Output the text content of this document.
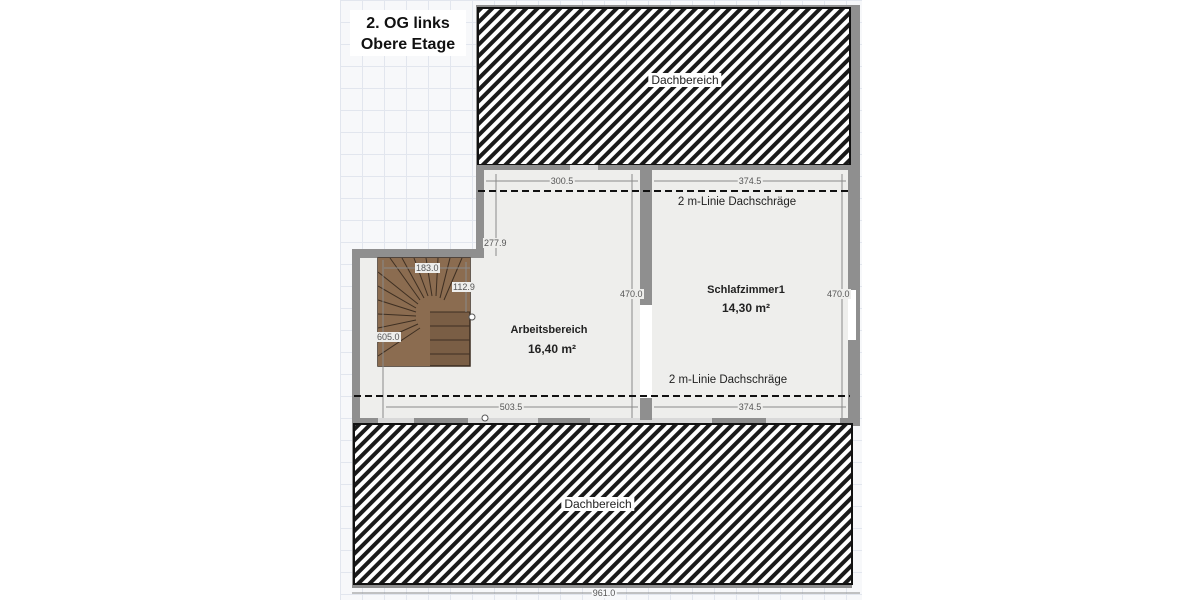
2. OG links
Obere Etage
Dachbereich
Dachbereich
Arbeitsbereich
16,40 m²
Schlafzimmer1
14,30 m²
2 m-Linie Dachschräge
2 m-Linie Dachschräge
300.5	374.5
277.9
183.0
112.9
605.0
470.0	470.0
503.5	374.5
961.0
